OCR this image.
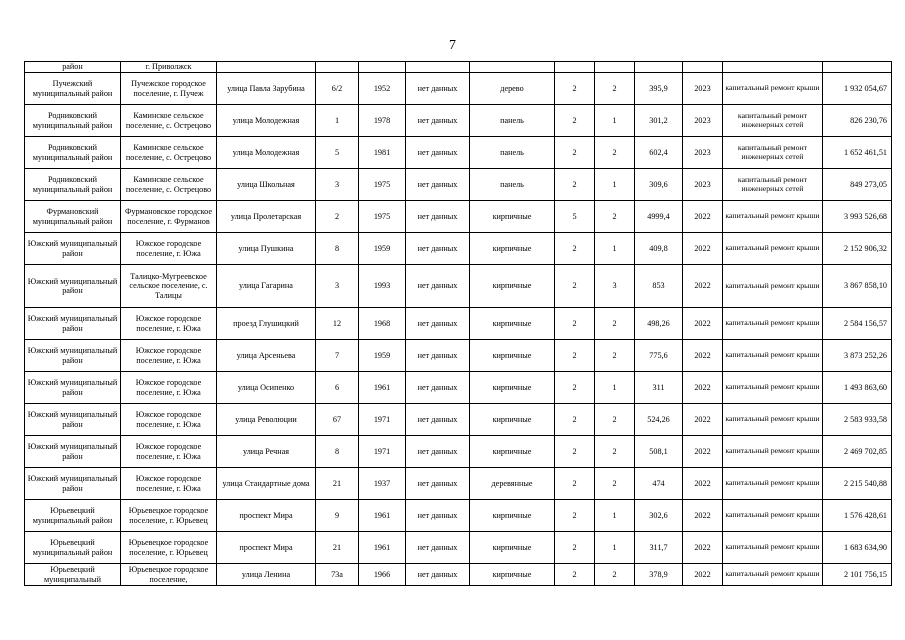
7
район	г. Приволжск											
Пучежский муниципальный район	Пучежское городское поселение, г. Пучеж	улица Павла Зарубина	6/2	1952	нет данных	дерево	2	2	395,9	2023	капитальный ремонт крыши	1 932 054,67
Родниковский муниципальный район	Каминское сельское поселение, с. Острецово	улица Молодежная	1	1978	нет данных	панель	2	1	301,2	2023	капитальный ремонт инженерных сетей	826 230,76
Родниковский муниципальный район	Каминское сельское поселение, с. Острецово	улица Молодежная	5	1981	нет данных	панель	2	2	602,4	2023	капитальный ремонт инженерных сетей	1 652 461,51
Родниковский муниципальный район	Каминское сельское поселение, с. Острецово	улица Школьная	3	1975	нет данных	панель	2	1	309,6	2023	капитальный ремонт инженерных сетей	849 273,05
Фурмановский муниципальный район	Фурмановское городское поселение, г. Фурманов	улица Пролетарская	2	1975	нет данных	кирпичные	5	2	4999,4	2022	капитальный ремонт крыши	3 993 526,68
Южский муниципальный район	Южское городское поселение, г. Южа	улица Пушкина	8	1959	нет данных	кирпичные	2	1	409,8	2022	капитальный ремонт крыши	2 152 906,32
Южский муниципальный район	Талицко-Мугреевское сельское поселение, с. Талицы	улица Гагарина	3	1993	нет данных	кирпичные	2	3	853	2022	капитальный ремонт крыши	3 867 858,10
Южский муниципальный район	Южское городское поселение, г. Южа	проезд Глушицкий	12	1968	нет данных	кирпичные	2	2	498,26	2022	капитальный ремонт крыши	2 584 156,57
Южский муниципальный район	Южское городское поселение, г. Южа	улица Арсеньева	7	1959	нет данных	кирпичные	2	2	775,6	2022	капитальный ремонт крыши	3 873 252,26
Южский муниципальный район	Южское городское поселение, г. Южа	улица Осипенко	6	1961	нет данных	кирпичные	2	1	311	2022	капитальный ремонт крыши	1 493 863,60
Южский муниципальный район	Южское городское поселение, г. Южа	улица Революции	67	1971	нет данных	кирпичные	2	2	524,26	2022	капитальный ремонт крыши	2 583 933,58
Южский муниципальный район	Южское городское поселение, г. Южа	улица Речная	8	1971	нет данных	кирпичные	2	2	508,1	2022	капитальный ремонт крыши	2 469 702,85
Южский муниципальный район	Южское городское поселение, г. Южа	улица Стандартные дома	21	1937	нет данных	деревянные	2	2	474	2022	капитальный ремонт крыши	2 215 540,88
Юрьевецкий муниципальный район	Юрьевецкое городское поселение, г. Юрьевец	проспект Мира	9	1961	нет данных	кирпичные	2	1	302,6	2022	капитальный ремонт крыши	1 576 428,61
Юрьевецкий муниципальный район	Юрьевецкое городское поселение, г. Юрьевец	проспект Мира	21	1961	нет данных	кирпичные	2	1	311,7	2022	капитальный ремонт крыши	1 683 634,90
Юрьевецкий муниципальный	Юрьевецкое городское поселение,	улица Ленина	73а	1966	нет данных	кирпичные	2	2	378,9	2022	капитальный ремонт крыши	2 101 756,15
